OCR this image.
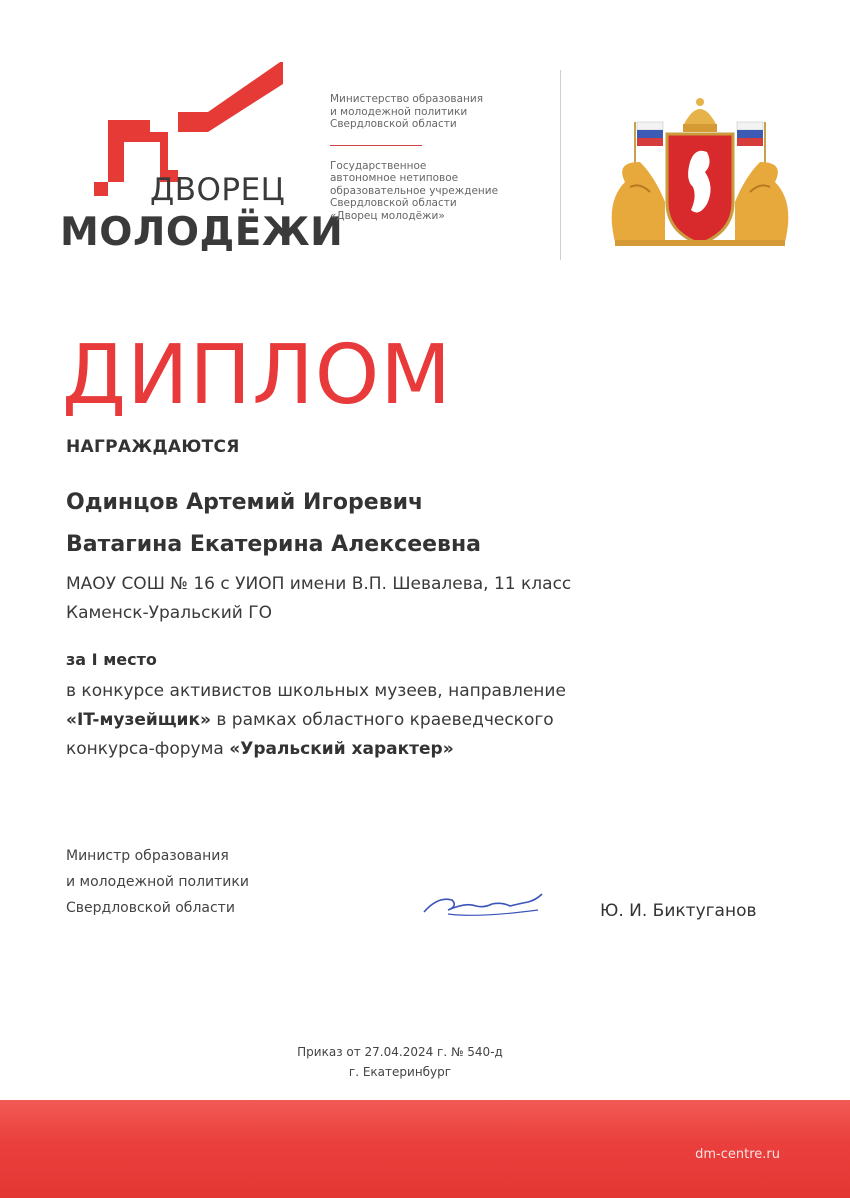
ДВОРЕЦ
МОЛОДЁЖИ
Министерство образования
и молодежной политики
Свердловской области
Государственное
автономное нетиповое
образовательное учреждение
Свердловской области
«Дворец молодёжи»
ДИПЛОМ
НАГРАЖДАЮТСЯ
Одинцов Артемий Игоревич
Ватагина Екатерина Алексеевна
МАОУ СОШ № 16 с УИОП имени В.П. Шевалева, 11 класс
Каменск-Уральский ГО
за I место
в конкурсе активистов школьных музеев, направление
«IT-музейщик» в рамках областного краеведческого
конкурса-форума «Уральский характер»
Министр образования
и молодежной политики
Свердловской области	Ю. И. Биктуганов
Приказ от 27.04.2024 г. № 540-д
г. Екатеринбург
dm-centre.ru
